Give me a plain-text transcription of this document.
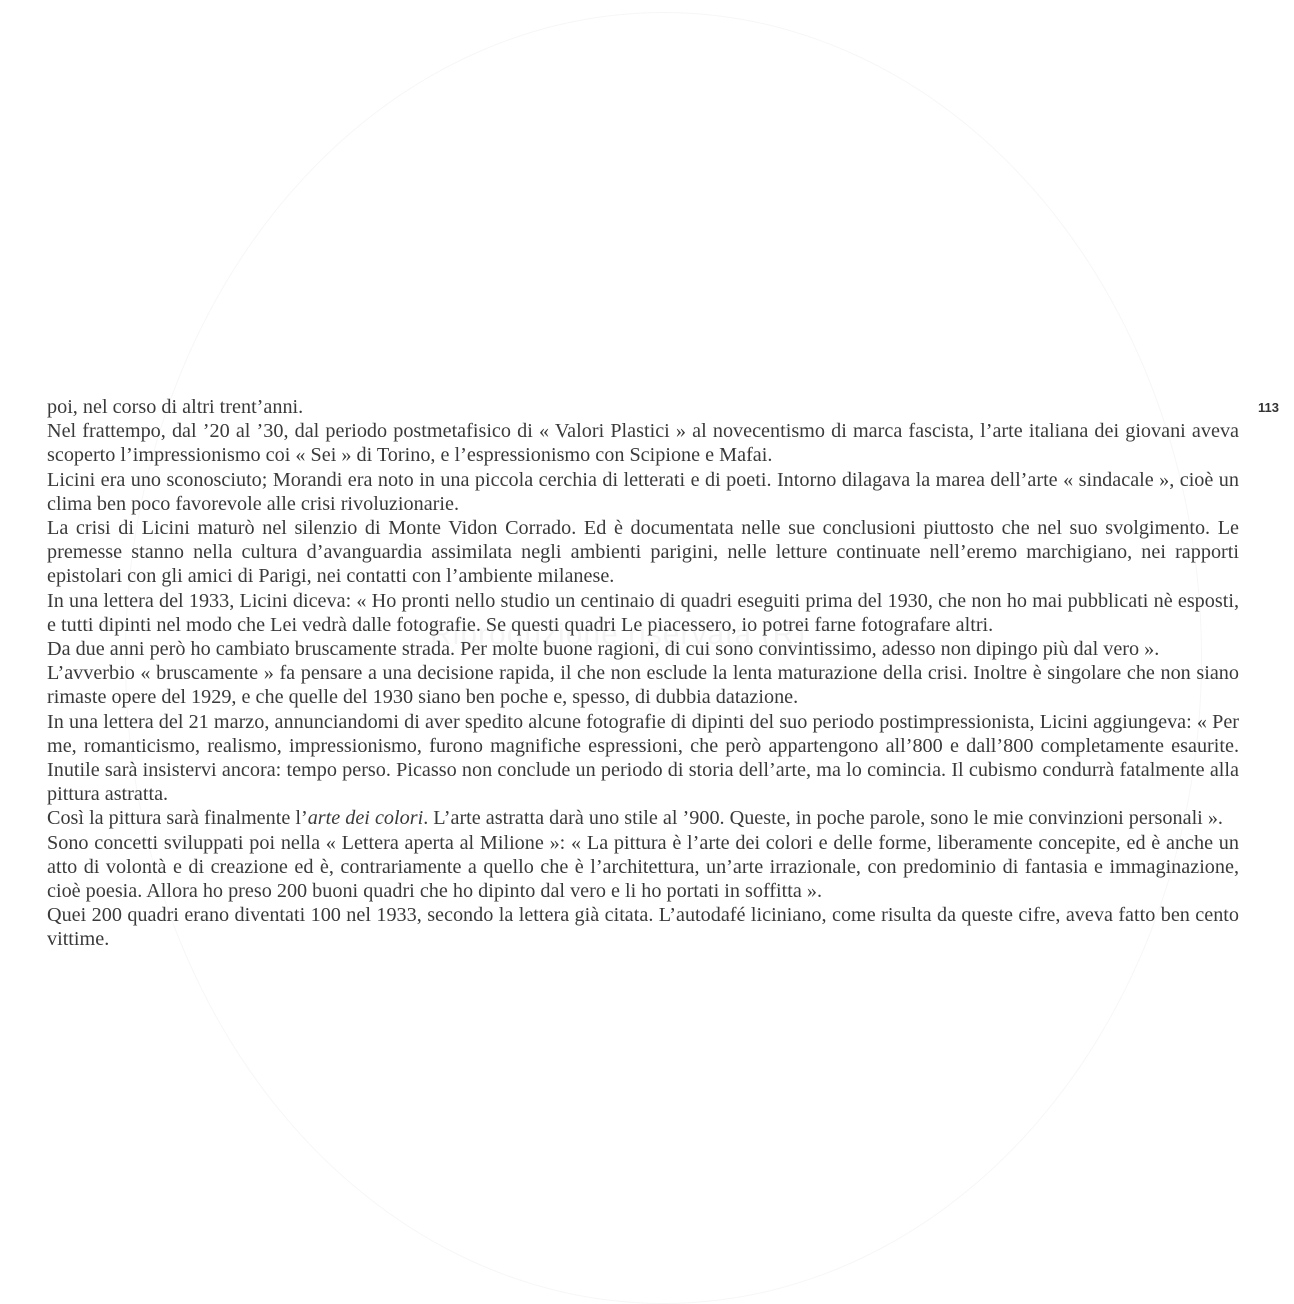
113

poi, nel corso di altri trent’anni.

Nel frattempo, dal ’20 al ’30, dal periodo postmetafisico di « Valori Plastici » al novecentismo di marca fascista, l’arte italiana dei giovani aveva scoperto l’impressionismo coi « Sei » di Torino, e l’espressionismo con Scipione e Mafai.

Licini era uno sconosciuto; Morandi era noto in una piccola cerchia di letterati e di poeti. Intorno dilagava la marea dell’arte « sindacale », cioè un clima ben poco favorevole alle crisi rivoluzionarie.

La crisi di Licini maturò nel silenzio di Monte Vidon Corrado. Ed è documentata nelle sue conclusioni piuttosto che nel suo svolgimento. Le premesse stanno nella cultura d’avanguardia assimilata negli ambienti parigini, nelle letture continuate nell’eremo marchigiano, nei rapporti epistolari con gli amici di Parigi, nei contatti con l’ambiente milanese.

In una lettera del 1933, Licini diceva: « Ho pronti nello studio un centinaio di quadri eseguiti prima del 1930, che non ho mai pubblicati nè esposti, e tutti dipinti nel modo che Lei vedrà dalle fotografie. Se questi quadri Le piacessero, io potrei farne fotografare altri.

Da due anni però ho cambiato bruscamente strada. Per molte buone ragioni, di cui sono convintissimo, adesso non dipingo più dal vero ».

L’avverbio « bruscamente » fa pensare a una decisione rapida, il che non esclude la lenta maturazione della crisi. Inoltre è singolare che non siano rimaste opere del 1929, e che quelle del 1930 siano ben poche e, spesso, di dubbia datazione.

In una lettera del 21 marzo, annunciandomi di aver spedito alcune fotografie di dipinti del suo periodo postimpressionista, Licini aggiungeva: « Per me, romanticismo, realismo, impressionismo, furono magnifiche espressioni, che però appartengono all’800 e dall’800 completamente esaurite. Inutile sarà insistervi ancora: tempo perso. Picasso non conclude un periodo di storia dell’arte, ma lo comincia. Il cubismo condurrà fatalmente alla pittura astratta.

Così la pittura sarà finalmente l’arte dei colori. L’arte astratta darà uno stile al ’900. Queste, in poche parole, sono le mie convinzioni personali ».

Sono concetti sviluppati poi nella « Lettera aperta al Milione »: « La pittura è l’arte dei colori e delle forme, liberamente concepite, ed è anche un atto di volontà e di creazione ed è, contrariamente a quello che è l’architettura, un’arte irrazionale, con predominio di fantasia e immaginazione, cioè poesia. Allora ho preso 200 buoni quadri che ho dipinto dal vero e li ho portati in soffitta ».

Quei 200 quadri erano diventati 100 nel 1933, secondo la lettera già citata. L’autodafé liciniano, come risulta da queste cifre, aveva fatto ben cento vittime.
